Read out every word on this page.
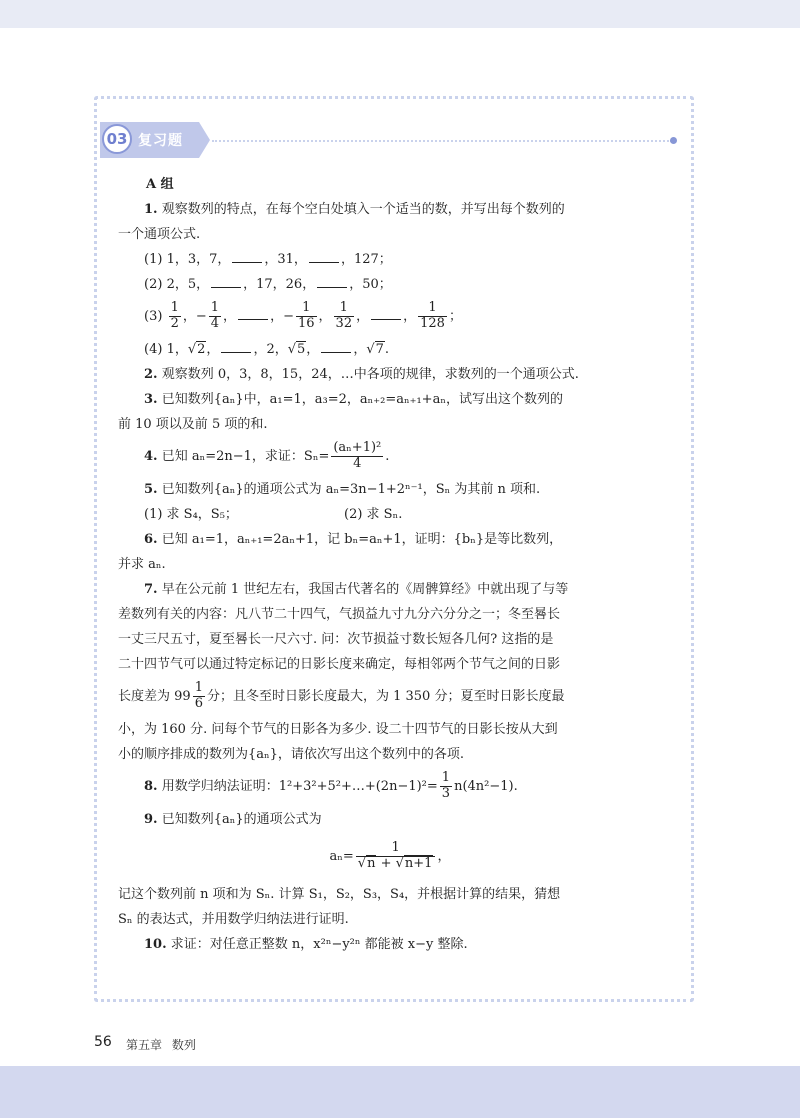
03 复习题
A 组
1. 观察数列的特点，在每个空白处填入一个适当的数，并写出每个数列的
一个通项公式.
(1) 1，3，7，	，31，	，127；
(2) 2，5，	，17，26，	，50；
$(3) \frac{1}{2}$ ，− $\frac{1}{4}$ ，	，− $\frac{1}{16}$ ， $\frac{1}{32}$ ，	， $\frac{1}{128}$ ；
(4) 1，√2，	，2，√5，	，√7.
2. 观察数列 0，3，8，15，24，…中各项的规律，求数列的一个通项公式.
3. 已知数列{aₙ}中，a₁=1，a₃=2，aₙ₊₂=aₙ₊₁+aₙ，试写出这个数列的
前 10 项以及前 5 项的和.
4. 已知 aₙ=2n−1，求证：$S_n= \frac{\text{(aₙ+1)²}}{4}$ .
5. 已知数列{aₙ}的通项公式为 aₙ=3n−1+2ⁿ⁻¹，Sₙ 为其前 n 项和.
(1) 求 S₄，S₅；	(2) 求 Sₙ.
6. 已知 a₁=1，aₙ₊₁=2aₙ+1，记 bₙ=aₙ+1，证明：{bₙ}是等比数列，
并求 aₙ.
7. 早在公元前 1 世纪左右，我国古代著名的《周髀算经》中就出现了与等
差数列有关的内容：凡八节二十四气，气损益九寸九分六分分之一；冬至晷长
一丈三尺五寸，夏至晷长一尺六寸. 问：次节损益寸数长短各几何? 这指的是
二十四节气可以通过特定标记的日影长度来确定，每相邻两个节气之间的日影
长度差为 $99 \frac{1}{6}$ 分；且冬至时日影长度最大，为 1 350 分；夏至时日影长度最
小，为 160 分. 问每个节气的日影各为多少. 设二十四节气的日影长按从大到
小的顺序排成的数列为{aₙ}，请依次写出这个数列中的各项.
8. 用数学归纳法证明：1²+3²+5²+…+(2n−1)²= $\frac{1}{3} n(4n^2-1)$.
9. 已知数列{aₙ}的通项公式为
$a_n= \frac{1}{√n + √n+1}$ ，
记这个数列前 n 项和为 Sₙ. 计算 S₁，S₂，S₃，S₄，并根据计算的结果，猜想
Sₙ 的表达式，并用数学归纳法进行证明.
10. 求证：对任意正整数 n，x²ⁿ−y²ⁿ 都能被 x−y 整除.
56 第五章 数列
